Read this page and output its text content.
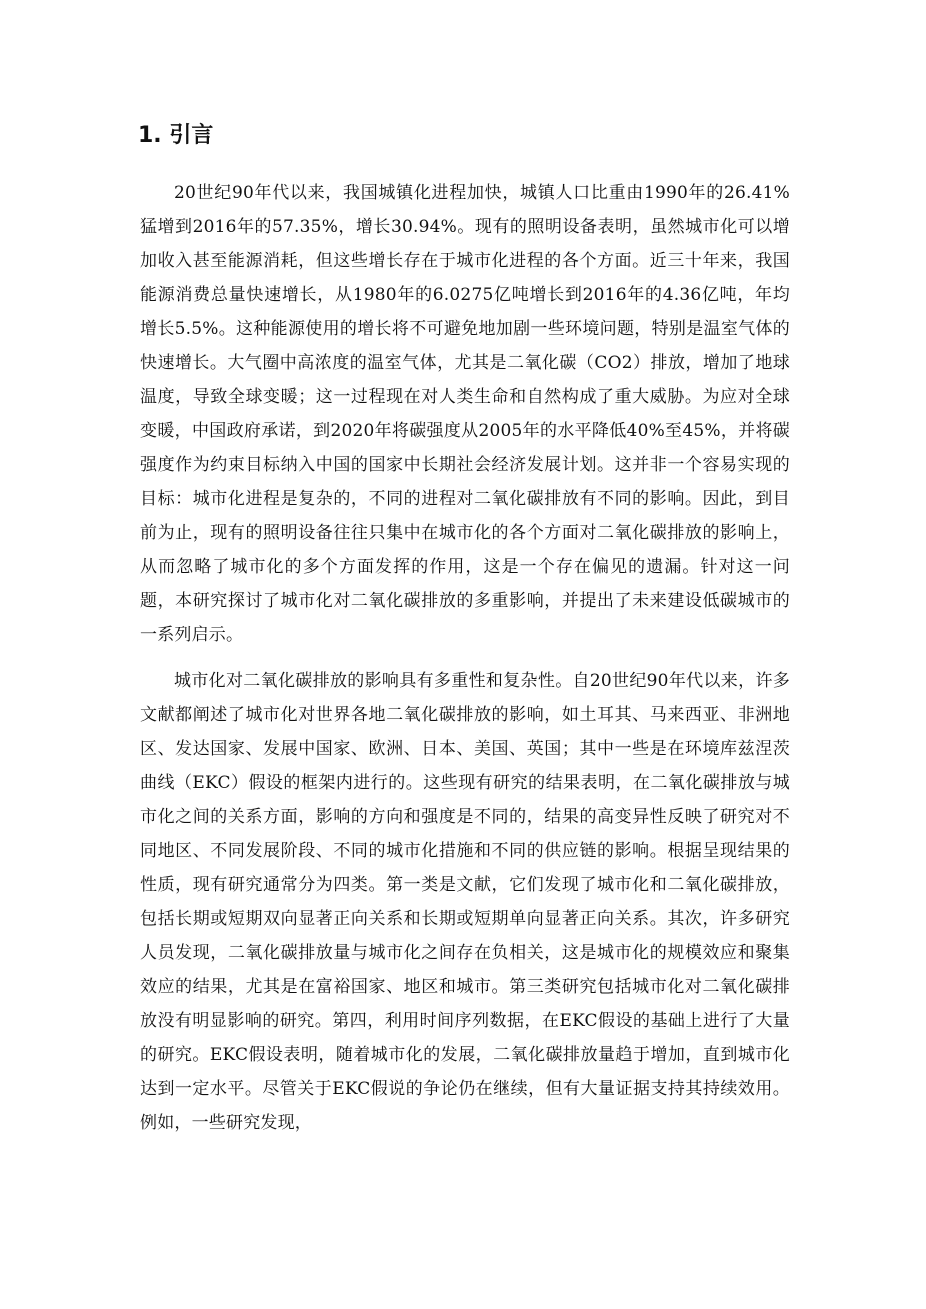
1. 引言

20世纪90年代以来，我国城镇化进程加快，城镇人口比重由1990年的26.41%猛增到2016年的57.35%，增长30.94%。现有的照明设备表明，虽然城市化可以增加收入甚至能源消耗，但这些增长存在于城市化进程的各个方面。近三十年来，我国能源消费总量快速增长，从1980年的6.0275亿吨增长到2016年的4.36亿吨，年均增长5.5%。这种能源使用的增长将不可避免地加剧一些环境问题，特别是温室气体的快速增长。大气圈中高浓度的温室气体，尤其是二氧化碳（CO2）排放，增加了地球温度，导致全球变暖；这一过程现在对人类生命和自然构成了重大威胁。为应对全球变暖，中国政府承诺，到2020年将碳强度从2005年的水平降低40%至45%，并将碳强度作为约束目标纳入中国的国家中长期社会经济发展计划。这并非一个容易实现的目标：城市化进程是复杂的，不同的进程对二氧化碳排放有不同的影响。因此，到目前为止，现有的照明设备往往只集中在城市化的各个方面对二氧化碳排放的影响上，从而忽略了城市化的多个方面发挥的作用，这是一个存在偏见的遗漏。针对这一问题，本研究探讨了城市化对二氧化碳排放的多重影响，并提出了未来建设低碳城市的一系列启示。

城市化对二氧化碳排放的影响具有多重性和复杂性。自20世纪90年代以来，许多文献都阐述了城市化对世界各地二氧化碳排放的影响，如土耳其、马来西亚、非洲地区、发达国家、发展中国家、欧洲、日本、美国、英国；其中一些是在环境库兹涅茨曲线（EKC）假设的框架内进行的。这些现有研究的结果表明，在二氧化碳排放与城市化之间的关系方面，影响的方向和强度是不同的，结果的高变异性反映了研究对不同地区、不同发展阶段、不同的城市化措施和不同的供应链的影响。根据呈现结果的性质，现有研究通常分为四类。第一类是文献，它们发现了城市化和二氧化碳排放，包括长期或短期双向显著正向关系和长期或短期单向显著正向关系。其次，许多研究人员发现，二氧化碳排放量与城市化之间存在负相关，这是城市化的规模效应和聚集效应的结果，尤其是在富裕国家、地区和城市。第三类研究包括城市化对二氧化碳排放没有明显影响的研究。第四，利用时间序列数据，在EKC假设的基础上进行了大量的研究。EKC假设表明，随着城市化的发展，二氧化碳排放量趋于增加，直到城市化达到一定水平。尽管关于EKC假说的争论仍在继续，但有大量证据支持其持续效用。例如，一些研究发现，
